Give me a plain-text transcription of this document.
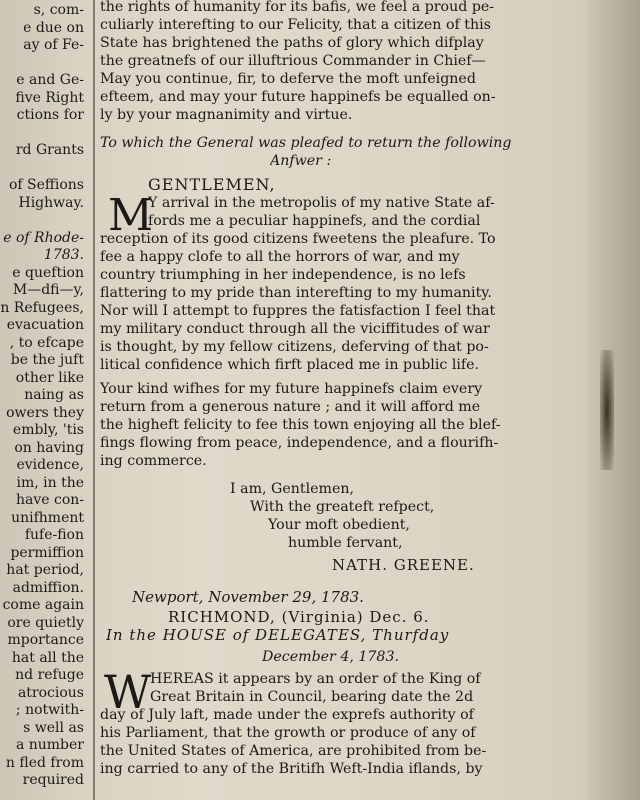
s, com-
e due on
ay of Fe-
e and Ge-
five Right
ctions for
rd Grants
of Seffions
Highway.
e of Rhode-
1783.
e queftion
M—dfi—y,
n Refugees,
evacuation
, to efcape
be the juft
other like
naing as
owers they
embly, 'tis
on having
evidence,
im, in the
have con-
unifhment
fufe-fion
permiffion
hat period,
admiffion.
come again
ore quietly
mportance
hat all the
nd refuge
atrocious
; notwith-
s well as
a number
n fled from
required
the rights of humanity for its bafis, we feel a proud pe-
culiarly interefting to our Felicity, that a citizen of this
State has brightened the paths of glory which difplay
the greatnefs of our illuftrious Commander in Chief—
May you continue, fir, to deferve the moft unfeigned
efteem, and may your future happinefs be equalled on-
ly by your magnanimity and virtue.
To which the General was pleafed to return the following
Anfwer :
GENTLEMEN,
M
Y arrival in the metropolis of my native State af-
fords me a peculiar happinefs, and the cordial
reception of its good citizens fweetens the pleafure. To
fee a happy clofe to all the horrors of war, and my
country triumphing in her independence, is no lefs
flattering to my pride than interefting to my humanity.
Nor will I attempt to fuppres the fatisfaction I feel that
my military conduct through all the viciffitudes of war
is thought, by my fellow citizens, deferving of that po-
litical confidence which firft placed me in public life.
Your kind wifhes for my future happinefs claim every
return from a generous nature ; and it will afford me
the higheft felicity to fee this town enjoying all the blef-
fings flowing from peace, independence, and a flourifh-
ing commerce.
I am, Gentlemen,
With the greateft refpect,
Your moft obedient,
humble fervant,
NATH. GREENE.
Newport, November 29, 1783.
RICHMOND, (Virginia) Dec. 6.
In the HOUSE of DELEGATES, Thurfday
December 4, 1783.
W
HEREAS it appears by an order of the King of
Great Britain in Council, bearing date the 2d
day of July laft, made under the exprefs authority of
his Parliament, that the growth or produce of any of
the United States of America, are prohibited from be-
ing carried to any of the Britifh Weft-India iflands, by
